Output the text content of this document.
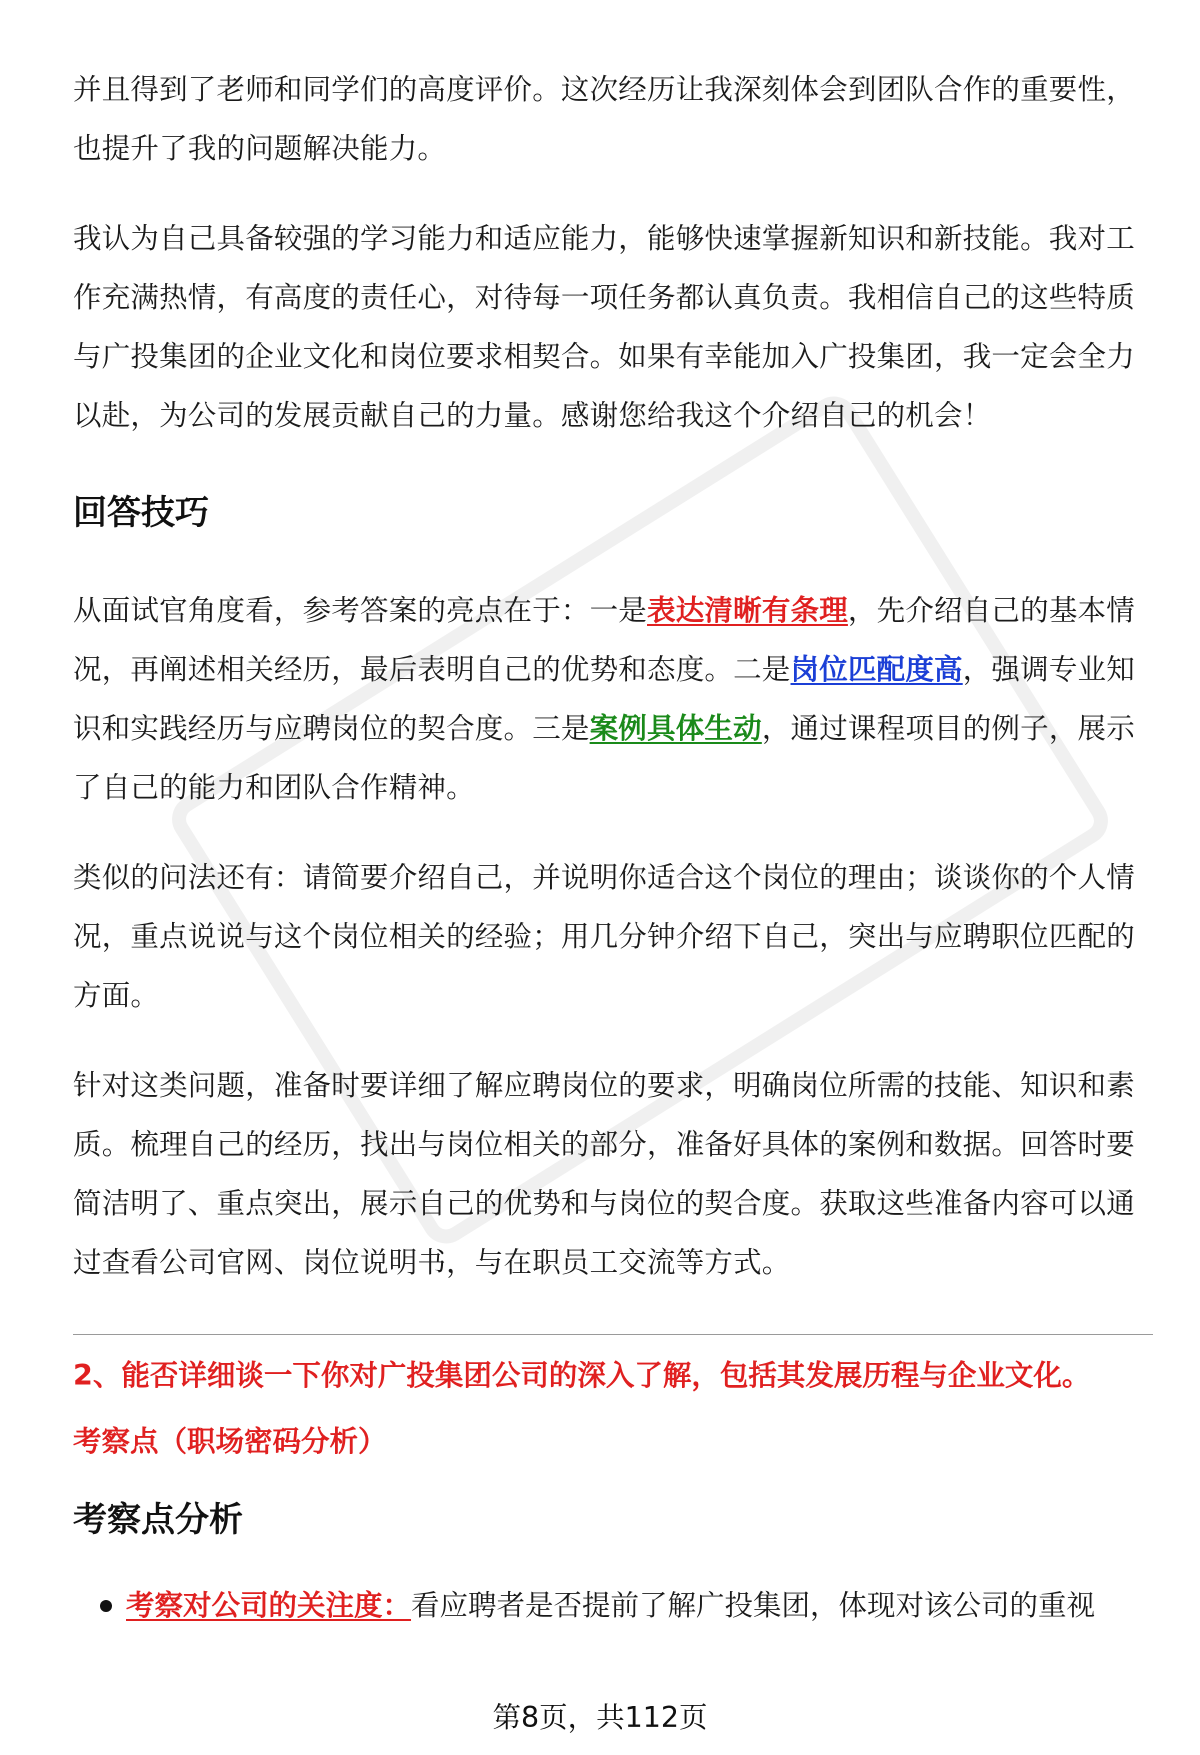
并且得到了老师和同学们的高度评价。这次经历让我深刻体会到团队合作的重要性，也提升了我的问题解决能力。

我认为自己具备较强的学习能力和适应能力，能够快速掌握新知识和新技能。我对工作充满热情，有高度的责任心，对待每一项任务都认真负责。我相信自己的这些特质与广投集团的企业文化和岗位要求相契合。如果有幸能加入广投集团，我一定会全力以赴，为公司的发展贡献自己的力量。感谢您给我这个介绍自己的机会！

回答技巧

从面试官角度看，参考答案的亮点在于：一是表达清晰有条理，先介绍自己的基本情况，再阐述相关经历，最后表明自己的优势和态度。二是岗位匹配度高，强调专业知识和实践经历与应聘岗位的契合度。三是案例具体生动，通过课程项目的例子，展示了自己的能力和团队合作精神。

类似的问法还有：请简要介绍自己，并说明你适合这个岗位的理由；谈谈你的个人情况，重点说说与这个岗位相关的经验；用几分钟介绍下自己，突出与应聘职位匹配的方面。

针对这类问题，准备时要详细了解应聘岗位的要求，明确岗位所需的技能、知识和素质。梳理自己的经历，找出与岗位相关的部分，准备好具体的案例和数据。回答时要简洁明了、重点突出，展示自己的优势和与岗位的契合度。获取这些准备内容可以通过查看公司官网、岗位说明书，与在职员工交流等方式。

2、能否详细谈一下你对广投集团公司的深入了解，包括其发展历程与企业文化。

考察点（职场密码分析）

考察点分析
考察对公司的关注度：看应聘者是否提前了解广投集团，体现对该公司的重视
第8页，共112页
